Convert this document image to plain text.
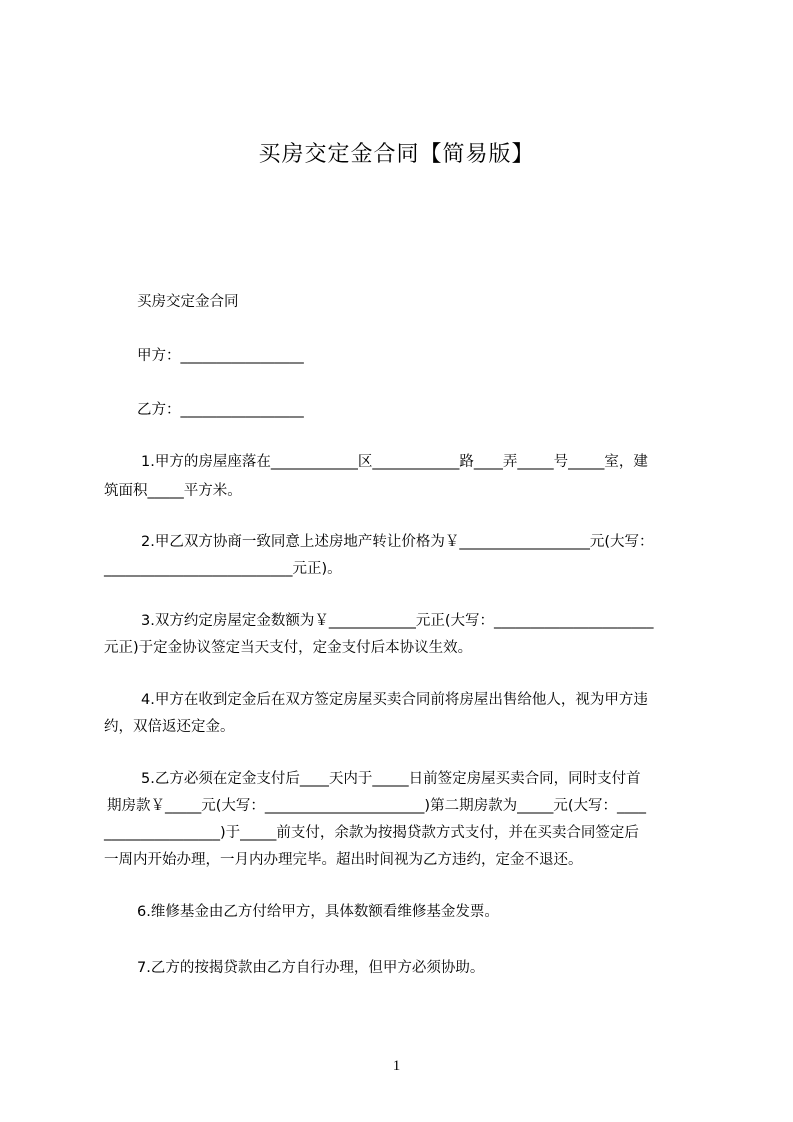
买房交定金合同【简易版】

买房交定金合同

甲方：_________________

乙方：_________________

1.甲方的房屋座落在____________区____________路____弄_____号_____室，建

筑面积_____平方米。

2.甲乙双方协商一致同意上述房地产转让价格为￥__________________元(大写：

__________________________元正)。

3.双方约定房屋定金数额为￥____________元正(大写：______________________

元正)于定金协议签定当天支付，定金支付后本协议生效。

4.甲方在收到定金后在双方签定房屋买卖合同前将房屋出售给他人，视为甲方违

约，双倍返还定金。

5.乙方必须在定金支付后____天内于_____日前签定房屋买卖合同，同时支付首

期房款￥_____元(大写：______________________)第二期房款为_____元(大写：____

________________)于_____前支付，余款为按揭贷款方式支付，并在买卖合同签定后

一周内开始办理，一月内办理完毕。超出时间视为乙方违约，定金不退还。

6.维修基金由乙方付给甲方，具体数额看维修基金发票。

7.乙方的按揭贷款由乙方自行办理，但甲方必须协助。

1
